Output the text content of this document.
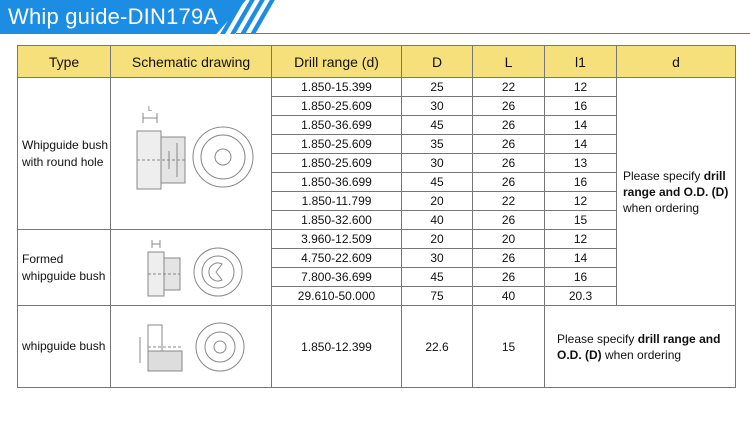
Whip guide-DIN179A
Type	Schematic drawing	Drill range (d)	D	L	l1	d
Whipguide bush with round hole	L	1.850-15.399	25	22	12	Please specify drill range and O.D. (D) when ordering
		1.850-25.609	30	26	16	
		1.850-36.699	45	26	14	
		1.850-25.609	35	26	14	
		1.850-25.609	30	26	13	
		1.850-36.699	45	26	16	
		1.850-11.799	20	22	12	
		1.850-32.600	40	26	15	
Formed whipguide bush		3.960-12.509	20	20	12	
		4.750-22.609	30	26	14	
		7.800-36.699	45	26	16	
		29.610-50.000	75	40	20.3	
whipguide bush		1.850-12.399	22.6	15	Please specify drill range and O.D. (D) when ordering	
